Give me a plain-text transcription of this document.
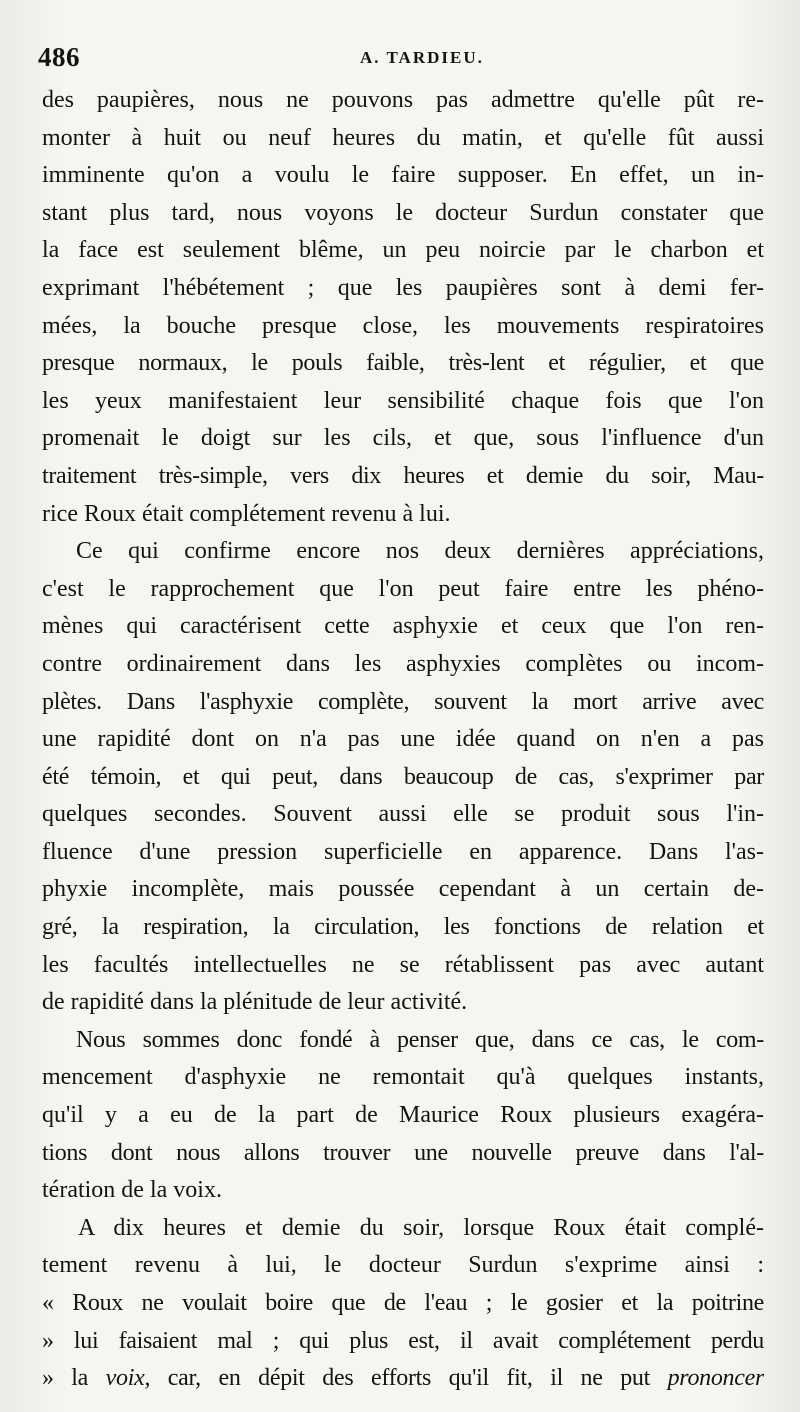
486	A. TARDIEU.
des paupières, nous ne pouvons pas admettre qu'elle pût re-
monter à huit ou neuf heures du matin, et qu'elle fût aussi
imminente qu'on a voulu le faire supposer. En effet, un in-
stant plus tard, nous voyons le docteur Surdun constater que
la face est seulement blême, un peu noircie par le charbon et
exprimant l'hébétement ; que les paupières sont à demi fer-
mées, la bouche presque close, les mouvements respiratoires
presque normaux, le pouls faible, très-lent et régulier, et que
les yeux manifestaient leur sensibilité chaque fois que l'on
promenait le doigt sur les cils, et que, sous l'influence d'un
traitement très-simple, vers dix heures et demie du soir, Mau-
rice Roux était complétement revenu à lui.
Ce qui confirme encore nos deux dernières appréciations,
c'est le rapprochement que l'on peut faire entre les phéno-
mènes qui caractérisent cette asphyxie et ceux que l'on ren-
contre ordinairement dans les asphyxies complètes ou incom-
plètes. Dans l'asphyxie complète, souvent la mort arrive avec
une rapidité dont on n'a pas une idée quand on n'en a pas
été témoin, et qui peut, dans beaucoup de cas, s'exprimer par
quelques secondes. Souvent aussi elle se produit sous l'in-
fluence d'une pression superficielle en apparence. Dans l'as-
phyxie incomplète, mais poussée cependant à un certain de-
gré, la respiration, la circulation, les fonctions de relation et
les facultés intellectuelles ne se rétablissent pas avec autant
de rapidité dans la plénitude de leur activité.
Nous sommes donc fondé à penser que, dans ce cas, le com-
mencement d'asphyxie ne remontait qu'à quelques instants,
qu'il y a eu de la part de Maurice Roux plusieurs exagéra-
tions dont nous allons trouver une nouvelle preuve dans l'al-
tération de la voix.
A dix heures et demie du soir, lorsque Roux était complé-
tement revenu à lui, le docteur Surdun s'exprime ainsi :
« Roux ne voulait boire que de l'eau ; le gosier et la poitrine
» lui faisaient mal ; qui plus est, il avait complétement perdu
» la voix, car, en dépit des efforts qu'il fit, il ne put prononcer
